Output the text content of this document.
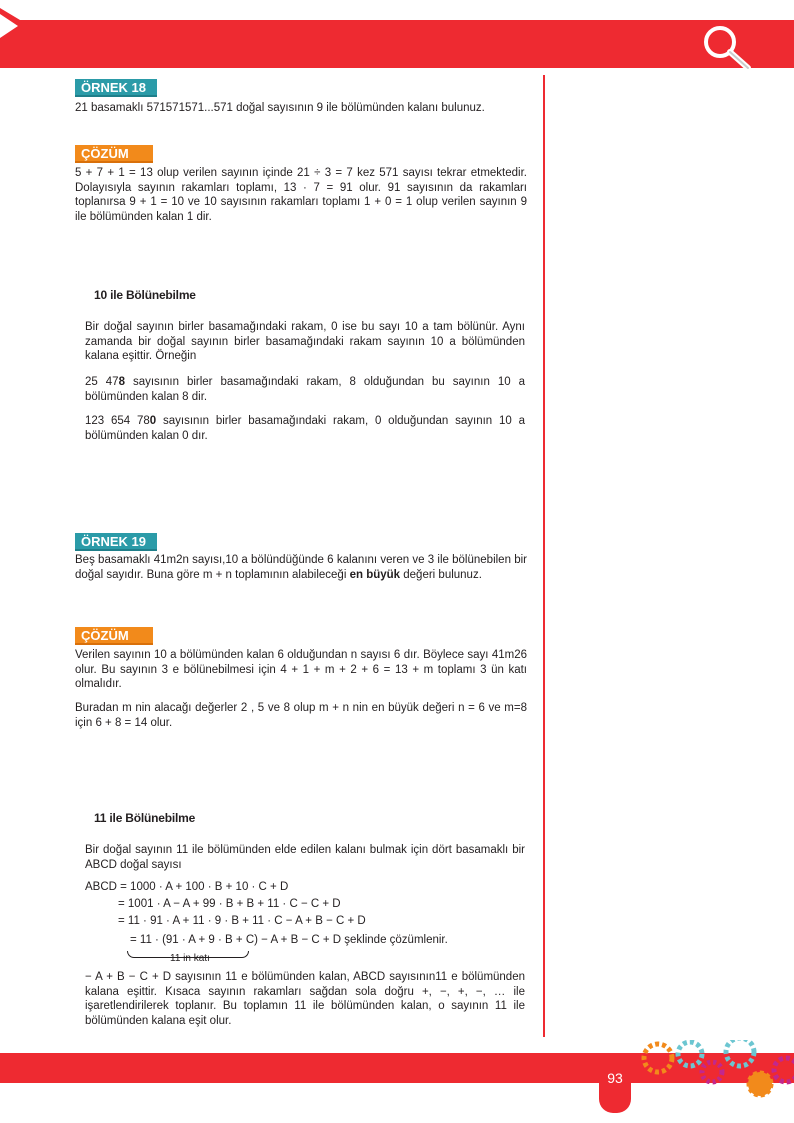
ÖRNEK 18
21 basamaklı 571571571...571 doğal sayısının 9 ile bölümünden kalanı bulunuz.
ÇÖZÜM
5 + 7 + 1 = 13 olup verilen sayının içinde 21 ÷ 3 = 7 kez 571 sayısı tekrar etmektedir. Dolayısıyla sayının rakamları toplamı, 13 · 7 = 91 olur. 91 sayısının da rakamları toplanırsa 9 + 1 = 10 ve 10 sayısının rakamları toplamı 1 + 0 = 1 olup verilen sayının 9 ile bölümünden kalan 1 dir.
10 ile Bölünebilme
Bir doğal sayının birler basamağındaki rakam, 0 ise bu sayı 10 a tam bölünür. Aynı zamanda bir doğal sayının birler basamağındaki rakam sayının 10 a bölümünden kalana eşittir. Örneğin
25 478 sayısının birler basamağındaki rakam, 8 olduğundan bu sayının 10 a bölümünden kalan 8 dir.
123 654 780 sayısının birler basamağındaki rakam, 0 olduğundan sayının 10 a bölümünden kalan 0 dır.
ÖRNEK 19
Beş basamaklı 41m2n sayısı,10 a bölündüğünde 6 kalanını veren ve 3 ile bölünebilen bir doğal sayıdır. Buna göre m + n toplamının alabileceği en büyük değeri bulunuz.
ÇÖZÜM
Verilen sayının 10 a bölümünden kalan 6 olduğundan n sayısı 6 dır. Böylece sayı 41m26 olur. Bu sayının 3 e bölünebilmesi için 4 + 1 + m + 2 + 6 = 13 + m toplamı 3 ün katı olmalıdır.
Buradan m nin alacağı değerler 2 , 5 ve 8 olup m + n nin en büyük değeri n = 6 ve m=8 için 6 + 8 = 14 olur.
11 ile Bölünebilme
Bir doğal sayının 11 ile bölümünden elde edilen kalanı bulmak için dört basamaklı bir ABCD doğal sayısı
ABCD = 1000 · A + 100 · B + 10 · C + D
= 1001 · A − A + 99 · B + B + 11 · C − C + D
= 11 · 91 · A + 11 · 9 · B + 11 · C − A + B − C + D
= 11 · (91 · A + 9 · B + C) − A + B − C + D şeklinde çözümlenir.
11 in katı
− A + B − C + D sayısının 11 e bölümünden kalan, ABCD sayısının11 e bölümünden kalana eşittir. Kısaca sayının rakamları sağdan sola doğru +, −, +, −, … ile işaretlendirilerek toplanır. Bu toplamın 11 ile bölümünden kalan, o sayının 11 ile bölümünden kalana eşit olur.
93
